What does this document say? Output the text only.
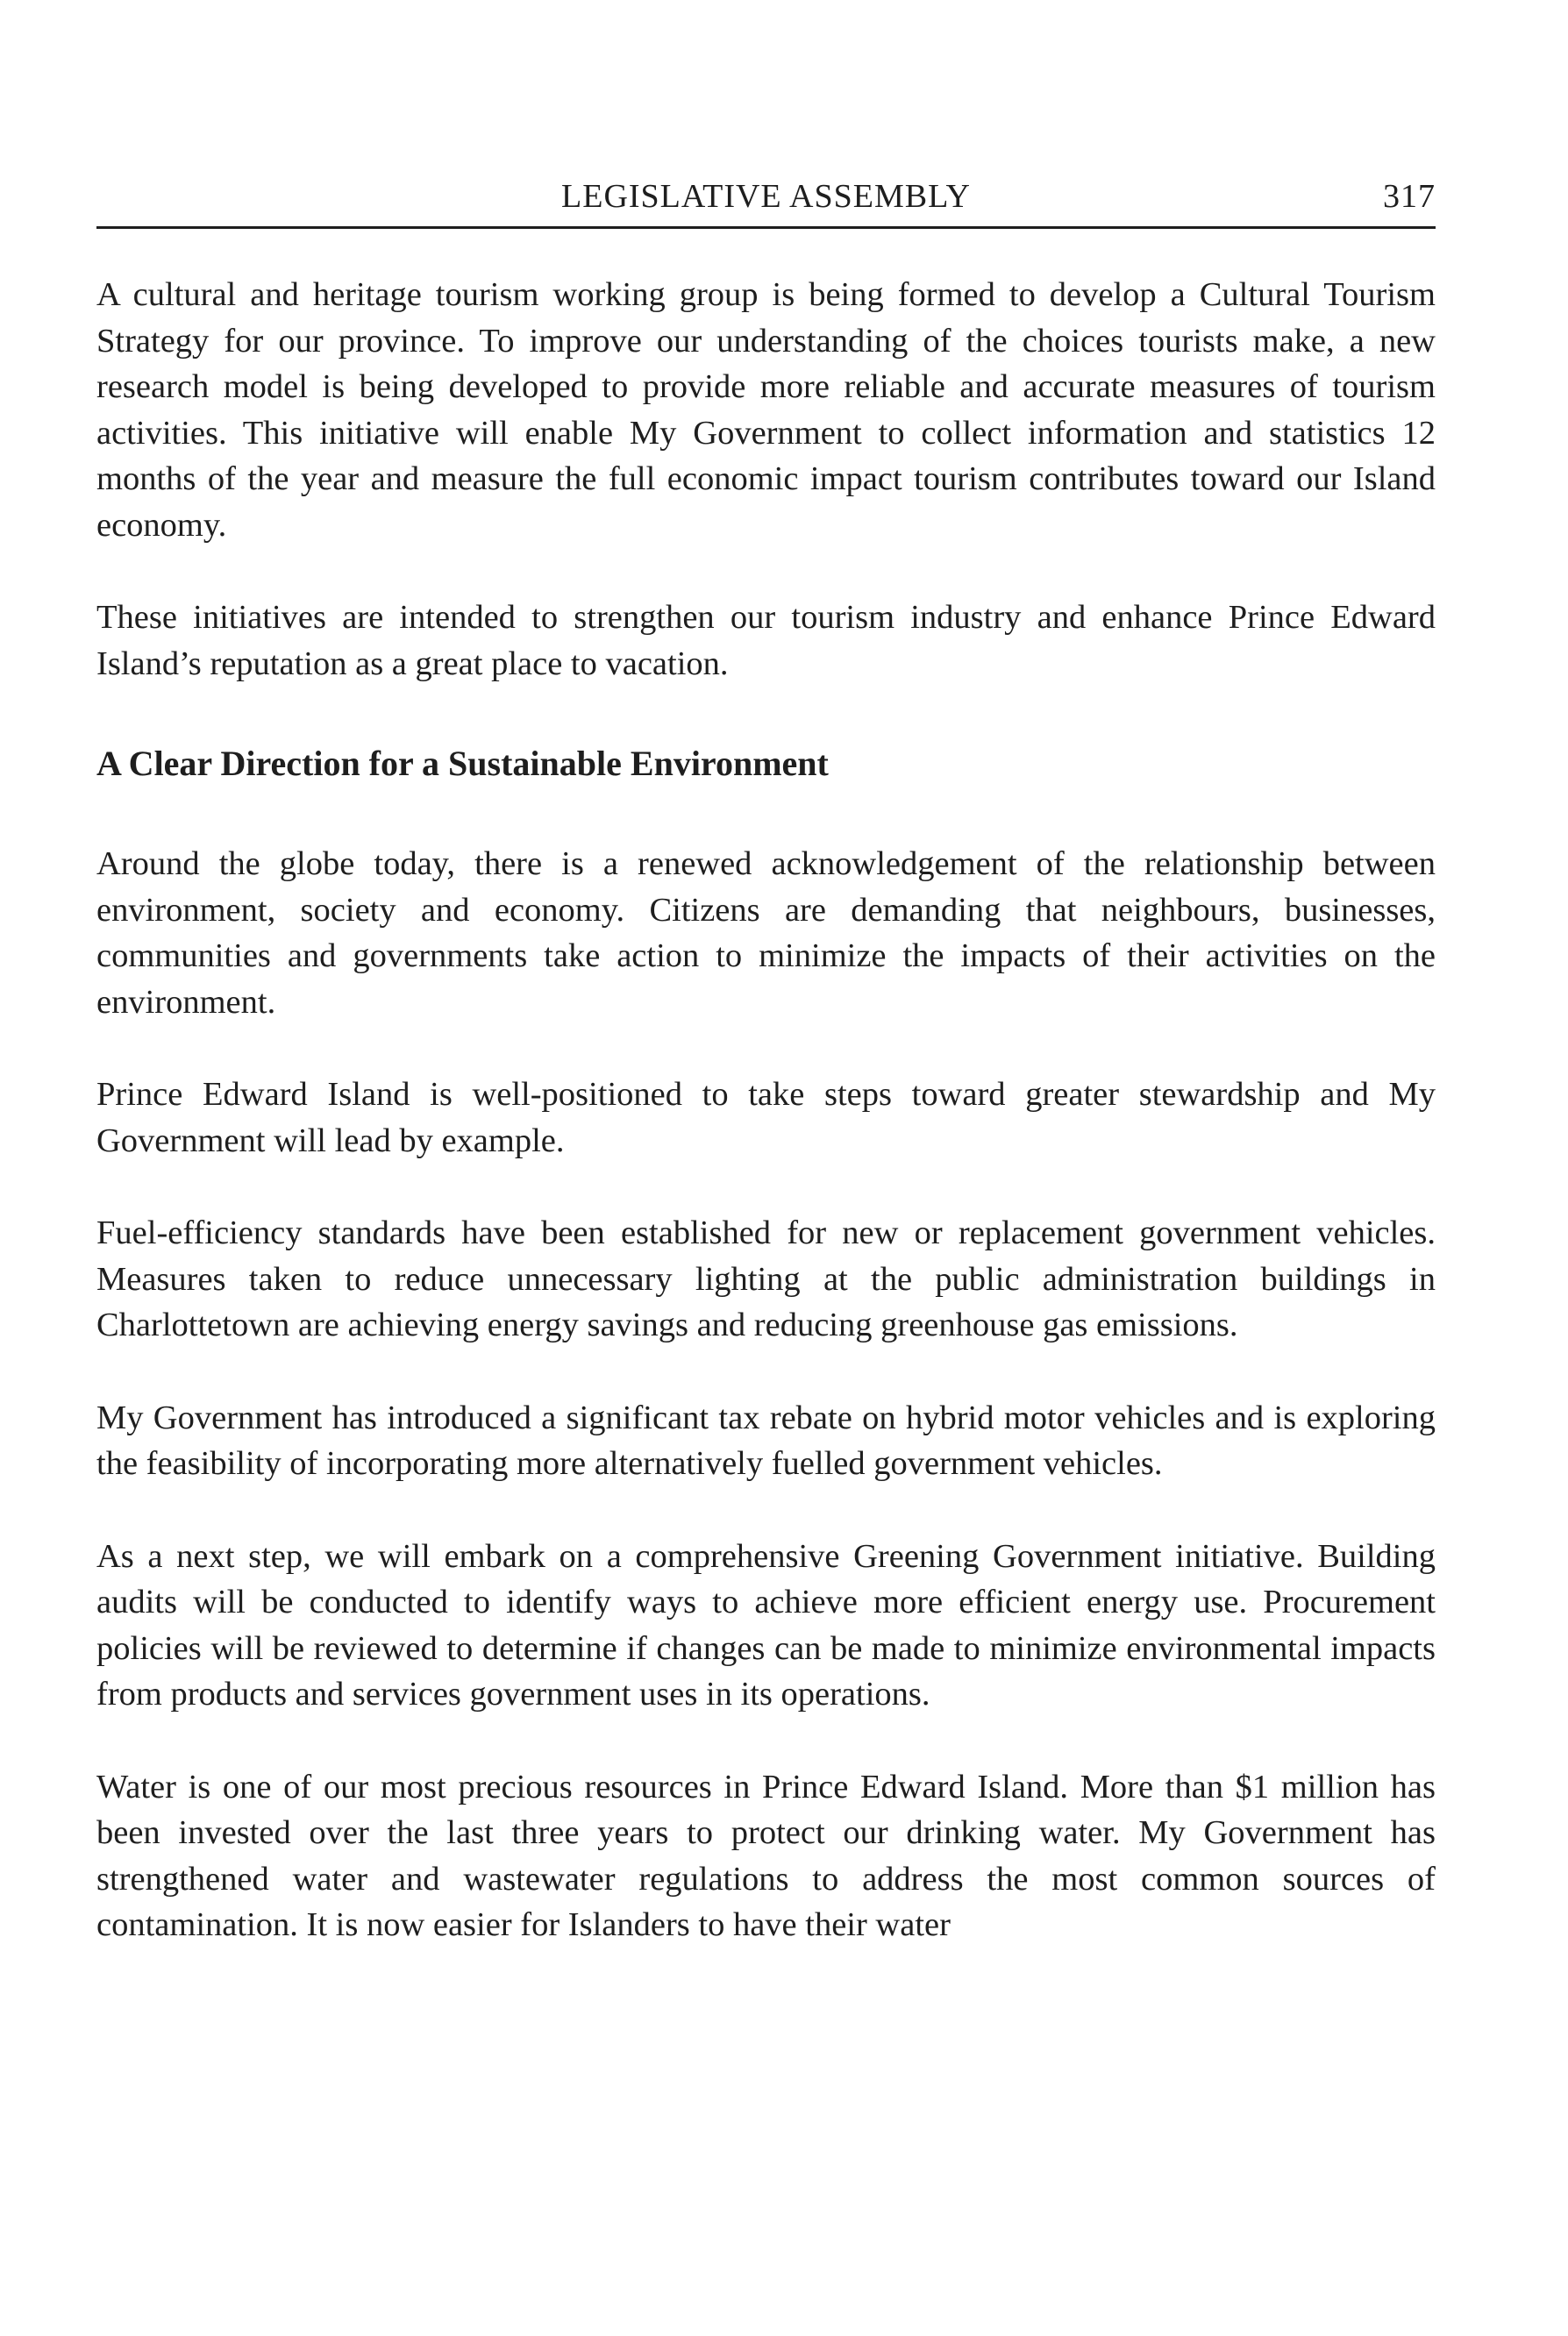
LEGISLATIVE ASSEMBLY	317

A cultural and heritage tourism working group is being formed to develop a Cultural Tourism Strategy for our province. To improve our understanding of the choices tourists make, a new research model is being developed to provide more reliable and accurate measures of tourism activities. This initiative will enable My Government to collect information and statistics 12 months of the year and measure the full economic impact tourism contributes toward our Island economy.

These initiatives are intended to strengthen our tourism industry and enhance Prince Edward Island’s reputation as a great place to vacation.

A Clear Direction for a Sustainable Environment

Around the globe today, there is a renewed acknowledgement of the relationship between environment, society and economy. Citizens are demanding that neighbours, businesses, communities and governments take action to minimize the impacts of their activities on the environment.

Prince Edward Island is well-positioned to take steps toward greater stewardship and My Government will lead by example.

Fuel-efficiency standards have been established for new or replacement government vehicles. Measures taken to reduce unnecessary lighting at the public administration buildings in Charlottetown are achieving energy savings and reducing greenhouse gas emissions.

My Government has introduced a significant tax rebate on hybrid motor vehicles and is exploring the feasibility of incorporating more alternatively fuelled government vehicles.

As a next step, we will embark on a comprehensive Greening Government initiative. Building audits will be conducted to identify ways to achieve more efficient energy use. Procurement policies will be reviewed to determine if changes can be made to minimize environmental impacts from products and services government uses in its operations.

Water is one of our most precious resources in Prince Edward Island. More than $1 million has been invested over the last three years to protect our drinking water. My Government has strengthened water and wastewater regulations to address the most common sources of contamination. It is now easier for Islanders to have their water
